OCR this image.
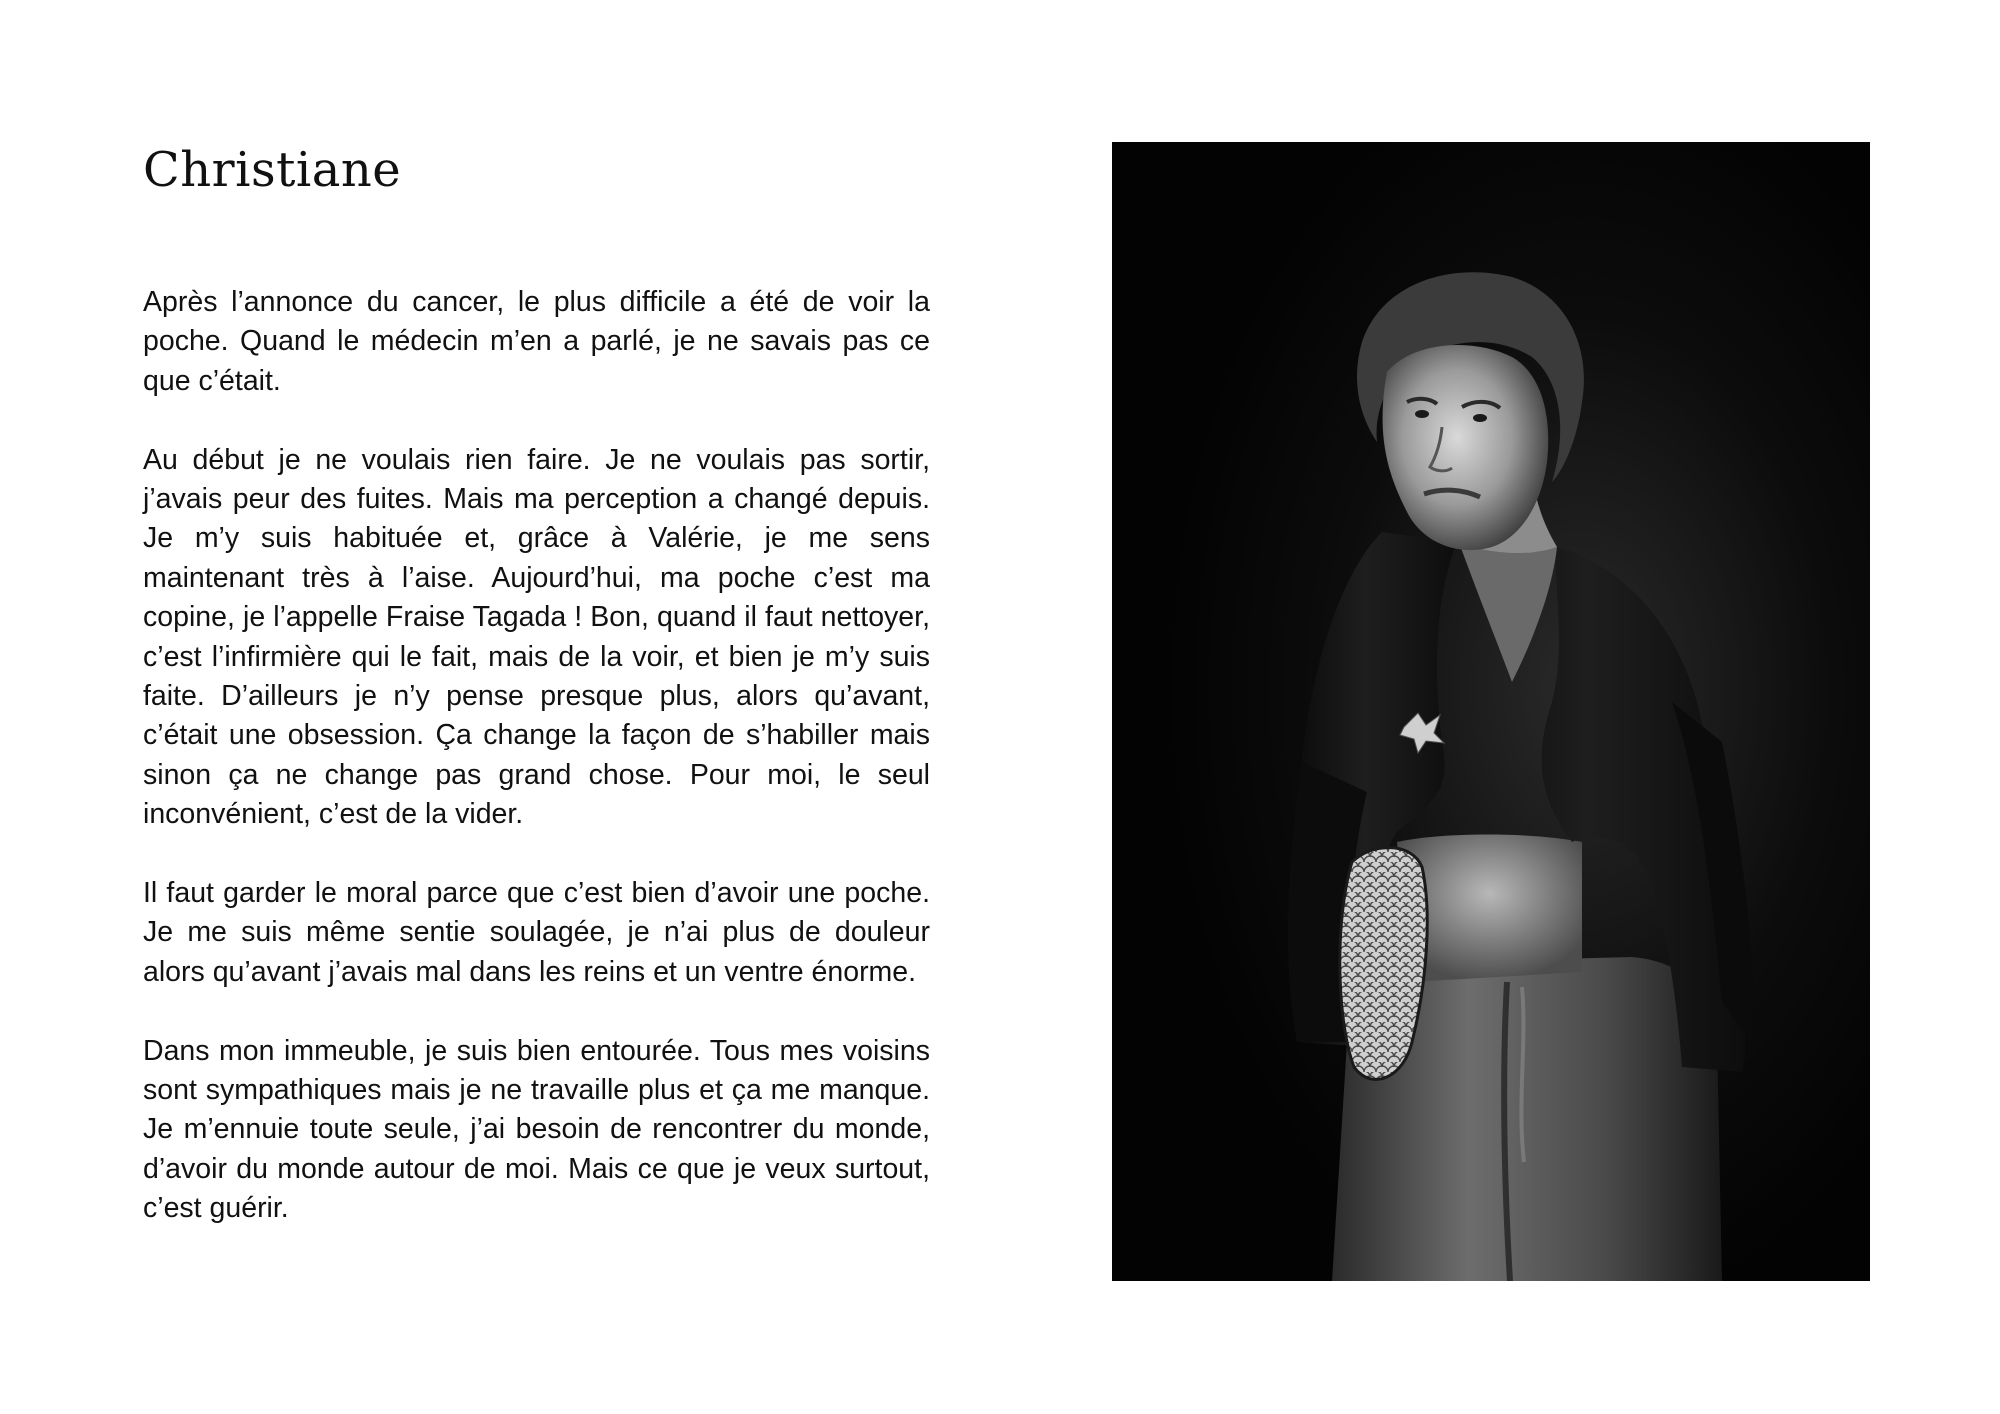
Christiane

Après l’annonce du cancer, le plus difficile a été de voir la poche. Quand le médecin m’en a parlé, je ne savais pas ce que c’était.

Au début je ne voulais rien faire. Je ne voulais pas sortir, j’avais peur des fuites. Mais ma perception a changé depuis. Je m’y suis habituée et, grâce à Valérie, je me sens maintenant très à l’aise. Aujourd’hui, ma poche c’est ma copine, je l’appelle Fraise Tagada ! Bon, quand il faut nettoyer, c’est l’infirmière qui le fait, mais de la voir, et bien je m’y suis faite. D’ailleurs je n’y pense presque plus, alors qu’avant, c’était une obsession. Ça change la façon de s’habiller mais sinon ça ne change pas grand chose. Pour moi, le seul inconvénient, c’est de la vider.

Il faut garder le moral parce que c’est bien d’avoir une poche. Je me suis même sentie soulagée, je n’ai plus de douleur alors qu’avant j’avais mal dans les reins et un ventre énorme.

Dans mon immeuble, je suis bien entourée. Tous mes voisins sont sympathiques mais je ne travaille plus et ça me manque. Je m’ennuie toute seule, j’ai besoin de rencontrer du monde, d’avoir du monde autour de moi. Mais ce que je veux surtout, c’est guérir.
